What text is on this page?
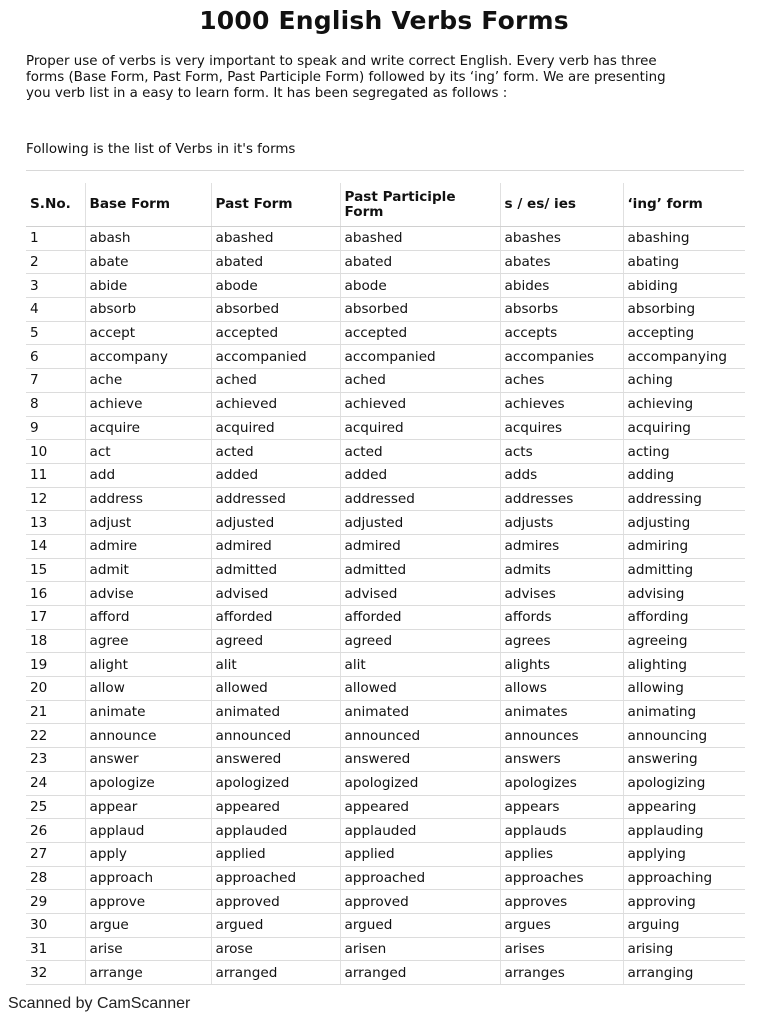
1000 English Verbs Forms
Proper use of verbs is very important to speak and write correct English. Every verb has three
forms (Base Form, Past Form, Past Participle Form) followed by its ‘ing’ form. We are presenting
you verb list in a easy to learn form. It has been segregated as follows :
Following is the list of Verbs in it's forms
S.No.	Base Form	Past Form	Past Participle Form	s / es/ ies	‘ing’ form
1	abash	abashed	abashed	abashes	abashing
2	abate	abated	abated	abates	abating
3	abide	abode	abode	abides	abiding
4	absorb	absorbed	absorbed	absorbs	absorbing
5	accept	accepted	accepted	accepts	accepting
6	accompany	accompanied	accompanied	accompanies	accompanying
7	ache	ached	ached	aches	aching
8	achieve	achieved	achieved	achieves	achieving
9	acquire	acquired	acquired	acquires	acquiring
10	act	acted	acted	acts	acting
11	add	added	added	adds	adding
12	address	addressed	addressed	addresses	addressing
13	adjust	adjusted	adjusted	adjusts	adjusting
14	admire	admired	admired	admires	admiring
15	admit	admitted	admitted	admits	admitting
16	advise	advised	advised	advises	advising
17	afford	afforded	afforded	affords	affording
18	agree	agreed	agreed	agrees	agreeing
19	alight	alit	alit	alights	alighting
20	allow	allowed	allowed	allows	allowing
21	animate	animated	animated	animates	animating
22	announce	announced	announced	announces	announcing
23	answer	answered	answered	answers	answering
24	apologize	apologized	apologized	apologizes	apologizing
25	appear	appeared	appeared	appears	appearing
26	applaud	applauded	applauded	applauds	applauding
27	apply	applied	applied	applies	applying
28	approach	approached	approached	approaches	approaching
29	approve	approved	approved	approves	approving
30	argue	argued	argued	argues	arguing
31	arise	arose	arisen	arises	arising
32	arrange	arranged	arranged	arranges	arranging
Scanned by CamScanner
